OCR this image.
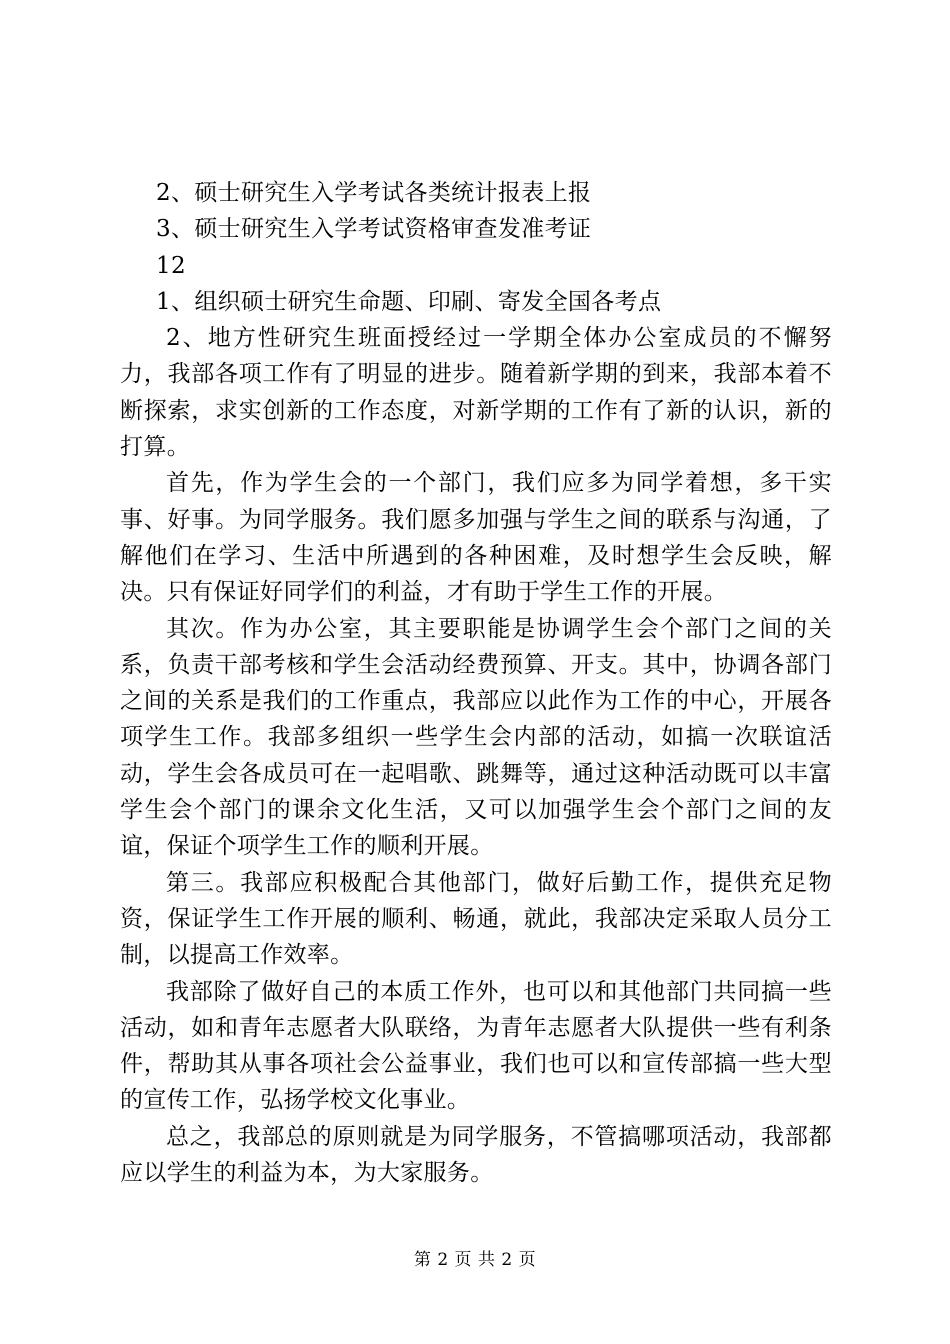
2、硕士研究生入学考试各类统计报表上报

3、硕士研究生入学考试资格审查发准考证

12

1、组织硕士研究生命题、印刷、寄发全国各考点

2、地方性研究生班面授经过一学期全体办公室成员的不懈努力，我部各项工作有了明显的进步。随着新学期的到来，我部本着不断探索，求实创新的工作态度，对新学期的工作有了新的认识，新的打算。

首先，作为学生会的一个部门，我们应多为同学着想，多干实事、好事。为同学服务。我们愿多加强与学生之间的联系与沟通，了解他们在学习、生活中所遇到的各种困难，及时想学生会反映，解决。只有保证好同学们的利益，才有助于学生工作的开展。

其次。作为办公室，其主要职能是协调学生会个部门之间的关系，负责干部考核和学生会活动经费预算、开支。其中，协调各部门之间的关系是我们的工作重点，我部应以此作为工作的中心，开展各项学生工作。我部多组织一些学生会内部的活动，如搞一次联谊活动，学生会各成员可在一起唱歌、跳舞等，通过这种活动既可以丰富学生会个部门的课余文化生活，又可以加强学生会个部门之间的友谊，保证个项学生工作的顺利开展。

第三。我部应积极配合其他部门，做好后勤工作，提供充足物资，保证学生工作开展的顺利、畅通，就此，我部决定采取人员分工制，以提高工作效率。

我部除了做好自己的本质工作外，也可以和其他部门共同搞一些活动，如和青年志愿者大队联络，为青年志愿者大队提供一些有利条件，帮助其从事各项社会公益事业，我们也可以和宣传部搞一些大型的宣传工作，弘扬学校文化事业。

总之，我部总的原则就是为同学服务，不管搞哪项活动，我部都应以学生的利益为本，为大家服务。

第 2 页 共 2 页
